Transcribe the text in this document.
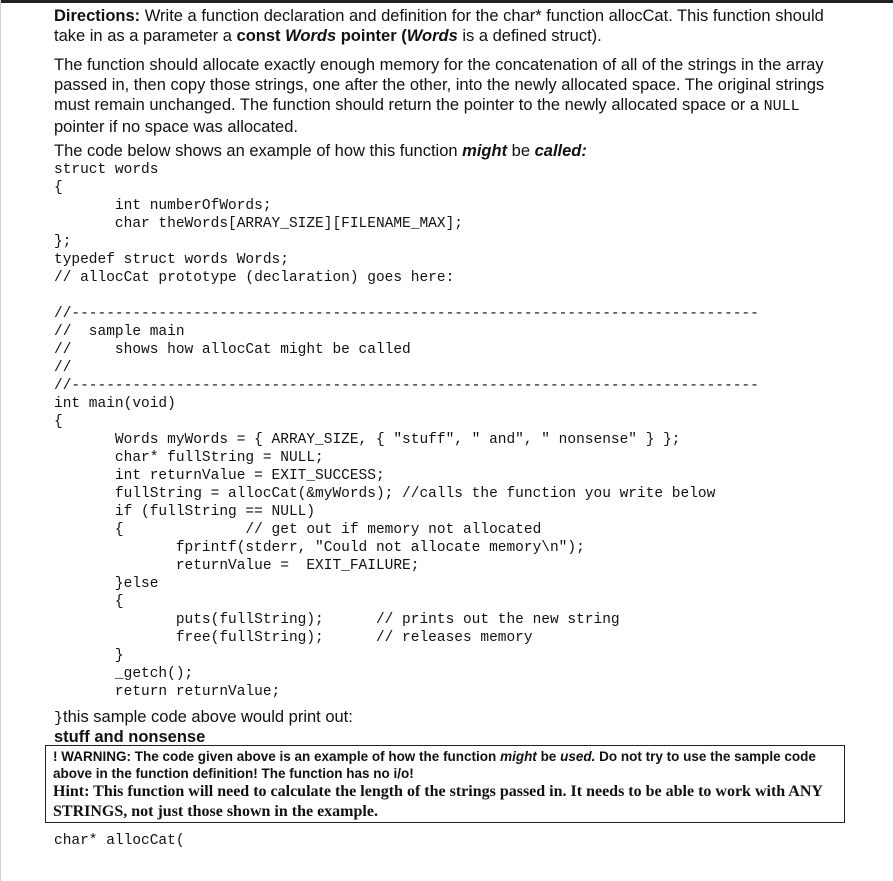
Directions: Write a function declaration and definition for the char* function allocCat. This function should take in as a parameter a const Words pointer (Words is a defined struct).
The function should allocate exactly enough memory for the concatenation of all of the strings in the array passed in, then copy those strings, one after the other, into the newly allocated space. The original strings must remain unchanged. The function should return the pointer to the newly allocated space or a NULL pointer if no space was allocated.
The code below shows an example of how this function might be called:
struct words
{
int numberOfWords;
char theWords[ARRAY_SIZE][FILENAME_MAX];
};
typedef struct words Words;
// allocCat prototype (declaration) goes here:
//-------------------------------------------------------------------------------
//  sample main
//     shows how allocCat might be called
//
//-------------------------------------------------------------------------------
int main(void)
{
Words myWords = { ARRAY_SIZE, { "stuff", " and", " nonsense" } };
char* fullString = NULL;
int returnValue = EXIT_SUCCESS;
fullString = allocCat(&myWords); //calls the function you write below
if (fullString == NULL)
{              // get out if memory not allocated
fprintf(stderr, "Could not allocate memory\n");
returnValue =  EXIT_FAILURE;
}else
{
puts(fullString);      // prints out the new string
free(fullString);      // releases memory
}
_getch();
return returnValue;
}this sample code above would print out:
stuff and nonsense
! WARNING: The code given above is an example of how the function might be used. Do not try to use the sample code above in the function definition! The function has no i/o!
Hint: This function will need to calculate the length of the strings passed in. It needs to be able to work with ANY STRINGS, not just those shown in the example.
char* allocCat(
